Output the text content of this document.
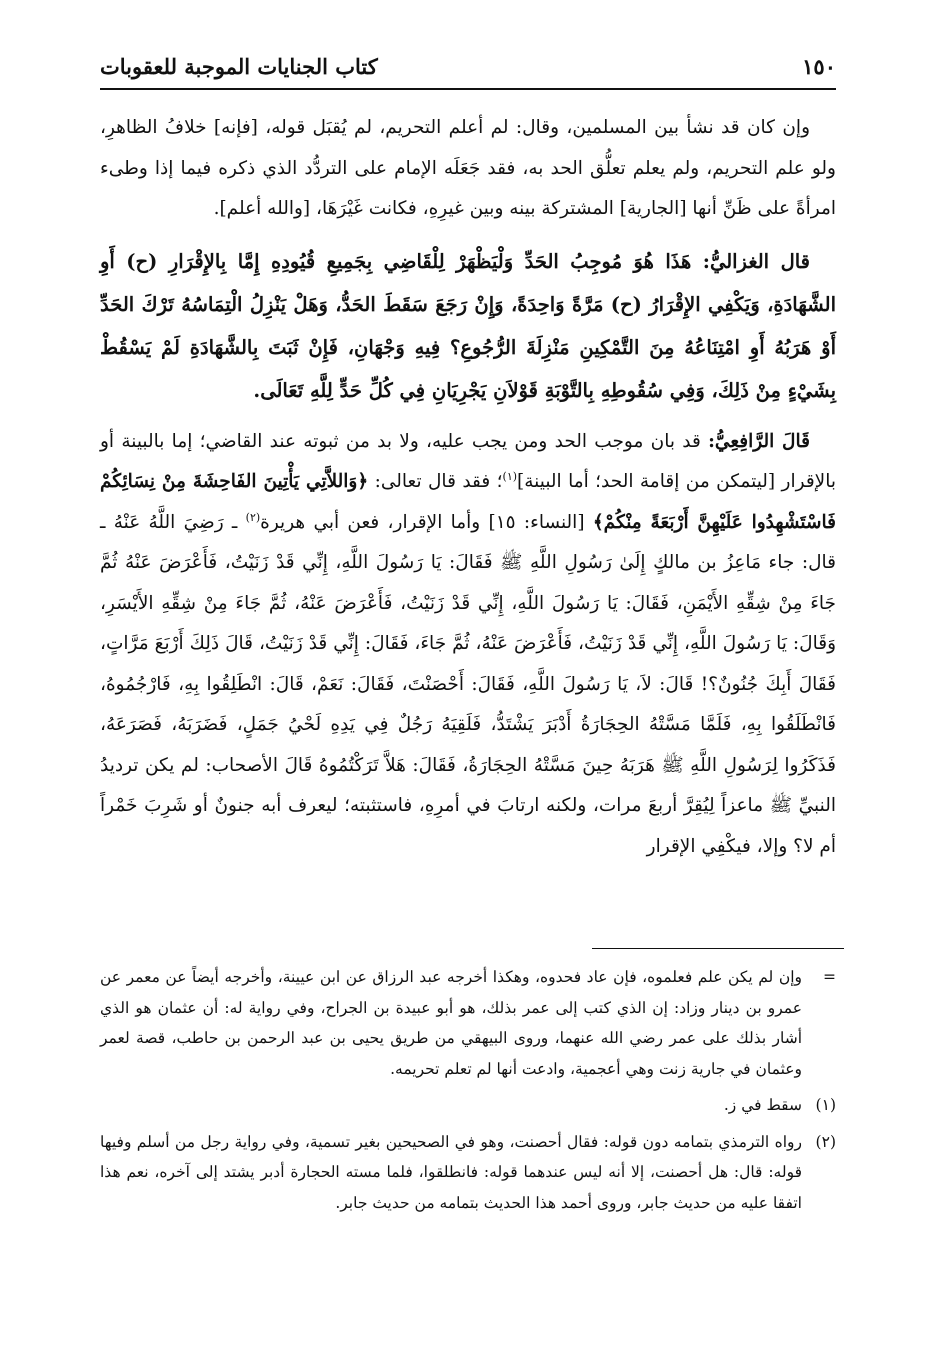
١٥٠
كتاب الجنايات الموجبة للعقوبات

وإن كان قد نشأ بين المسلمين، وقال: لم أعلم التحريم، لم يُقبَل قوله، [فإنه] خلافُ الظاهرِ، ولو علم التحريم، ولم يعلم تعلُّق الحد به، فقد جَعَلَه الإمام على التردُّد الذي ذكره فيما إذا وطىء امرأةً على ظَنِّ أنها [الجارية] المشتركة بينه وبين غيرِهِ، فكانت غَيْرَهَا، [والله أعلم].

قال الغزاليُّ: هَذَا هُوَ مُوجِبُ الحَدِّ وَلْيَظْهَرْ لِلْقَاضِي بِجَمِيعِ قُيُودِهِ إِمَّا بِالإِقْرَارِ (ح) أَوِ الشَّهَادَةِ، وَيَكْفِي الإِقْرَارُ (ح) مَرَّةً وَاحِدَةً، وَإِنْ رَجَعَ سَقَطَ الحَدُّ، وَهَلْ يَنْزِلُ الْتِمَاسُهُ تَرْكَ الحَدِّ أَوْ هَرَبُهُ أَوِ امْتِنَاعُهُ مِنَ التَّمْكِينِ مَنْزِلَةَ الرُّجُوعِ؟ فِيهِ وَجْهَانِ، فَإِنْ ثَبَتَ بِالشَّهَادَةِ لَمْ يَسْقُطْ بِشَيْءٍ مِنْ ذَلِكَ، وَفِي سُقُوطِهِ بِالتَّوْبَةِ قَوْلاَنِ يَجْرِيَانِ فِي كُلِّ حَدٍّ لِلَّهِ تَعَالَى.

قَالَ الرَّافِعِيُّ: قد بان موجب الحد ومن يجب عليه، ولا بد من ثبوته عند القاضي؛ إما بالبينة أو بالإقرار [ليتمكن من إقامة الحد؛ أما البينة]$^{(١)}$؛ فقد قال تعالى: ﴿وَاللاَّتِي يَأْتِينَ الفَاحِشَةَ مِنْ نِسَائِكُمْ فَاسْتَشْهِدُوا عَلَيْهِنَّ أَرْبَعَةً مِنْكُمْ﴾ [النساء: ١٥] وأما الإقرار، فعن أبي هريرة$^{(٢)}$ ـ رَضِيَ اللَّهُ عَنْهُ ـ قال: جاء مَاعِزُ بن مالكٍ إِلَىٰ رَسُولِ اللَّهِ ﷺ فَقَالَ: يَا رَسُولَ اللَّهِ، إِنِّي قَدْ زَنَيْتُ، فَأَعْرَضَ عَنْهُ ثُمَّ جَاءَ مِنْ شِقِّهِ الأَيْمَنِ، فَقَالَ: يَا رَسُولَ اللَّهِ، إِنِّي قَدْ زَنَيْتُ، فَأَعْرَضَ عَنْهُ، ثُمَّ جَاءَ مِنْ شِقِّهِ الأَيْسَرِ، وَقَالَ: يَا رَسُولَ اللَّهِ، إِنِّي قَدْ زَنَيْتُ، فَأَعْرَضَ عَنْهُ، ثُمَّ جَاءَ، فَقَالَ: إِنِّي قَدْ زَنَيْتُ، قَالَ ذَلِكَ أَرْبَعَ مَرَّاتٍ، فَقَالَ أَبِكَ جُنُونٌ؟! قَالَ: لاَ، يَا رَسُولَ اللَّهِ، فَقَالَ: أَحْصَنْتَ، فَقَالَ: نَعَمْ، قَالَ: انْطَلِقُوا بِهِ، فَارْجُمُوهُ، فَانْطَلَقُوا بِهِ، فَلَمَّا مَسَّتْهُ الحِجَارَةُ أَدْبَرَ يَشْتَدُّ، فَلَقِيَهُ رَجُلٌ فِي يَدِهِ لَحْيُ جَمَلٍ، فَضَرَبَهُ، فَصَرَعَهُ، فَذَكَرُوا لِرَسُولِ اللَّهِ ﷺ هَرَبَهُ حِينَ مَسَّتْهُ الحِجَارَةُ، فَقَالَ: هَلاَّ تَرَكْتُمُوهُ قَالَ الأصحاب: لم يكن ترديدُ النبيِّ ﷺ ماعزاً لِيُقِرَّ أربعَ مرات، ولكنه ارتابَ في أمرِهِ، فاستثبته؛ ليعرف أبه جنونٌ أو شَرِبَ خَمْراً أم لا؟ وإلا، فيكْفِي الإقرار

=
وإن لم يكن علم فعلموه، فإن عاد فحدوه، وهكذا أخرجه عبد الرزاق عن ابن عيينة، وأخرجه أيضاً عن معمر عن عمرو بن دينار وزاد: إن الذي كتب إلى عمر بذلك، هو أبو عبيدة بن الجراح، وفي رواية له: أن عثمان هو الذي أشار بذلك على عمر رضي الله عنهما، وروى البيهقي من طريق يحيى بن عبد الرحمن بن حاطب، قصة لعمر وعثمان في جارية زنت وهي أعجمية، وادعت أنها لم تعلم تحريمه.
(١)
سقط في ز.
(٢)
رواه الترمذي بتمامه دون قوله: فقال أحصنت، وهو في الصحيحين بغير تسمية، وفي رواية رجل من أسلم وفيها قوله: قال: هل أحصنت، إلا أنه ليس عندهما قوله: فانطلقوا، فلما مسته الحجارة أدبر يشتد إلى آخره، نعم هذا اتفقا عليه من حديث جابر، وروى أحمد هذا الحديث بتمامه من حديث جابر.
